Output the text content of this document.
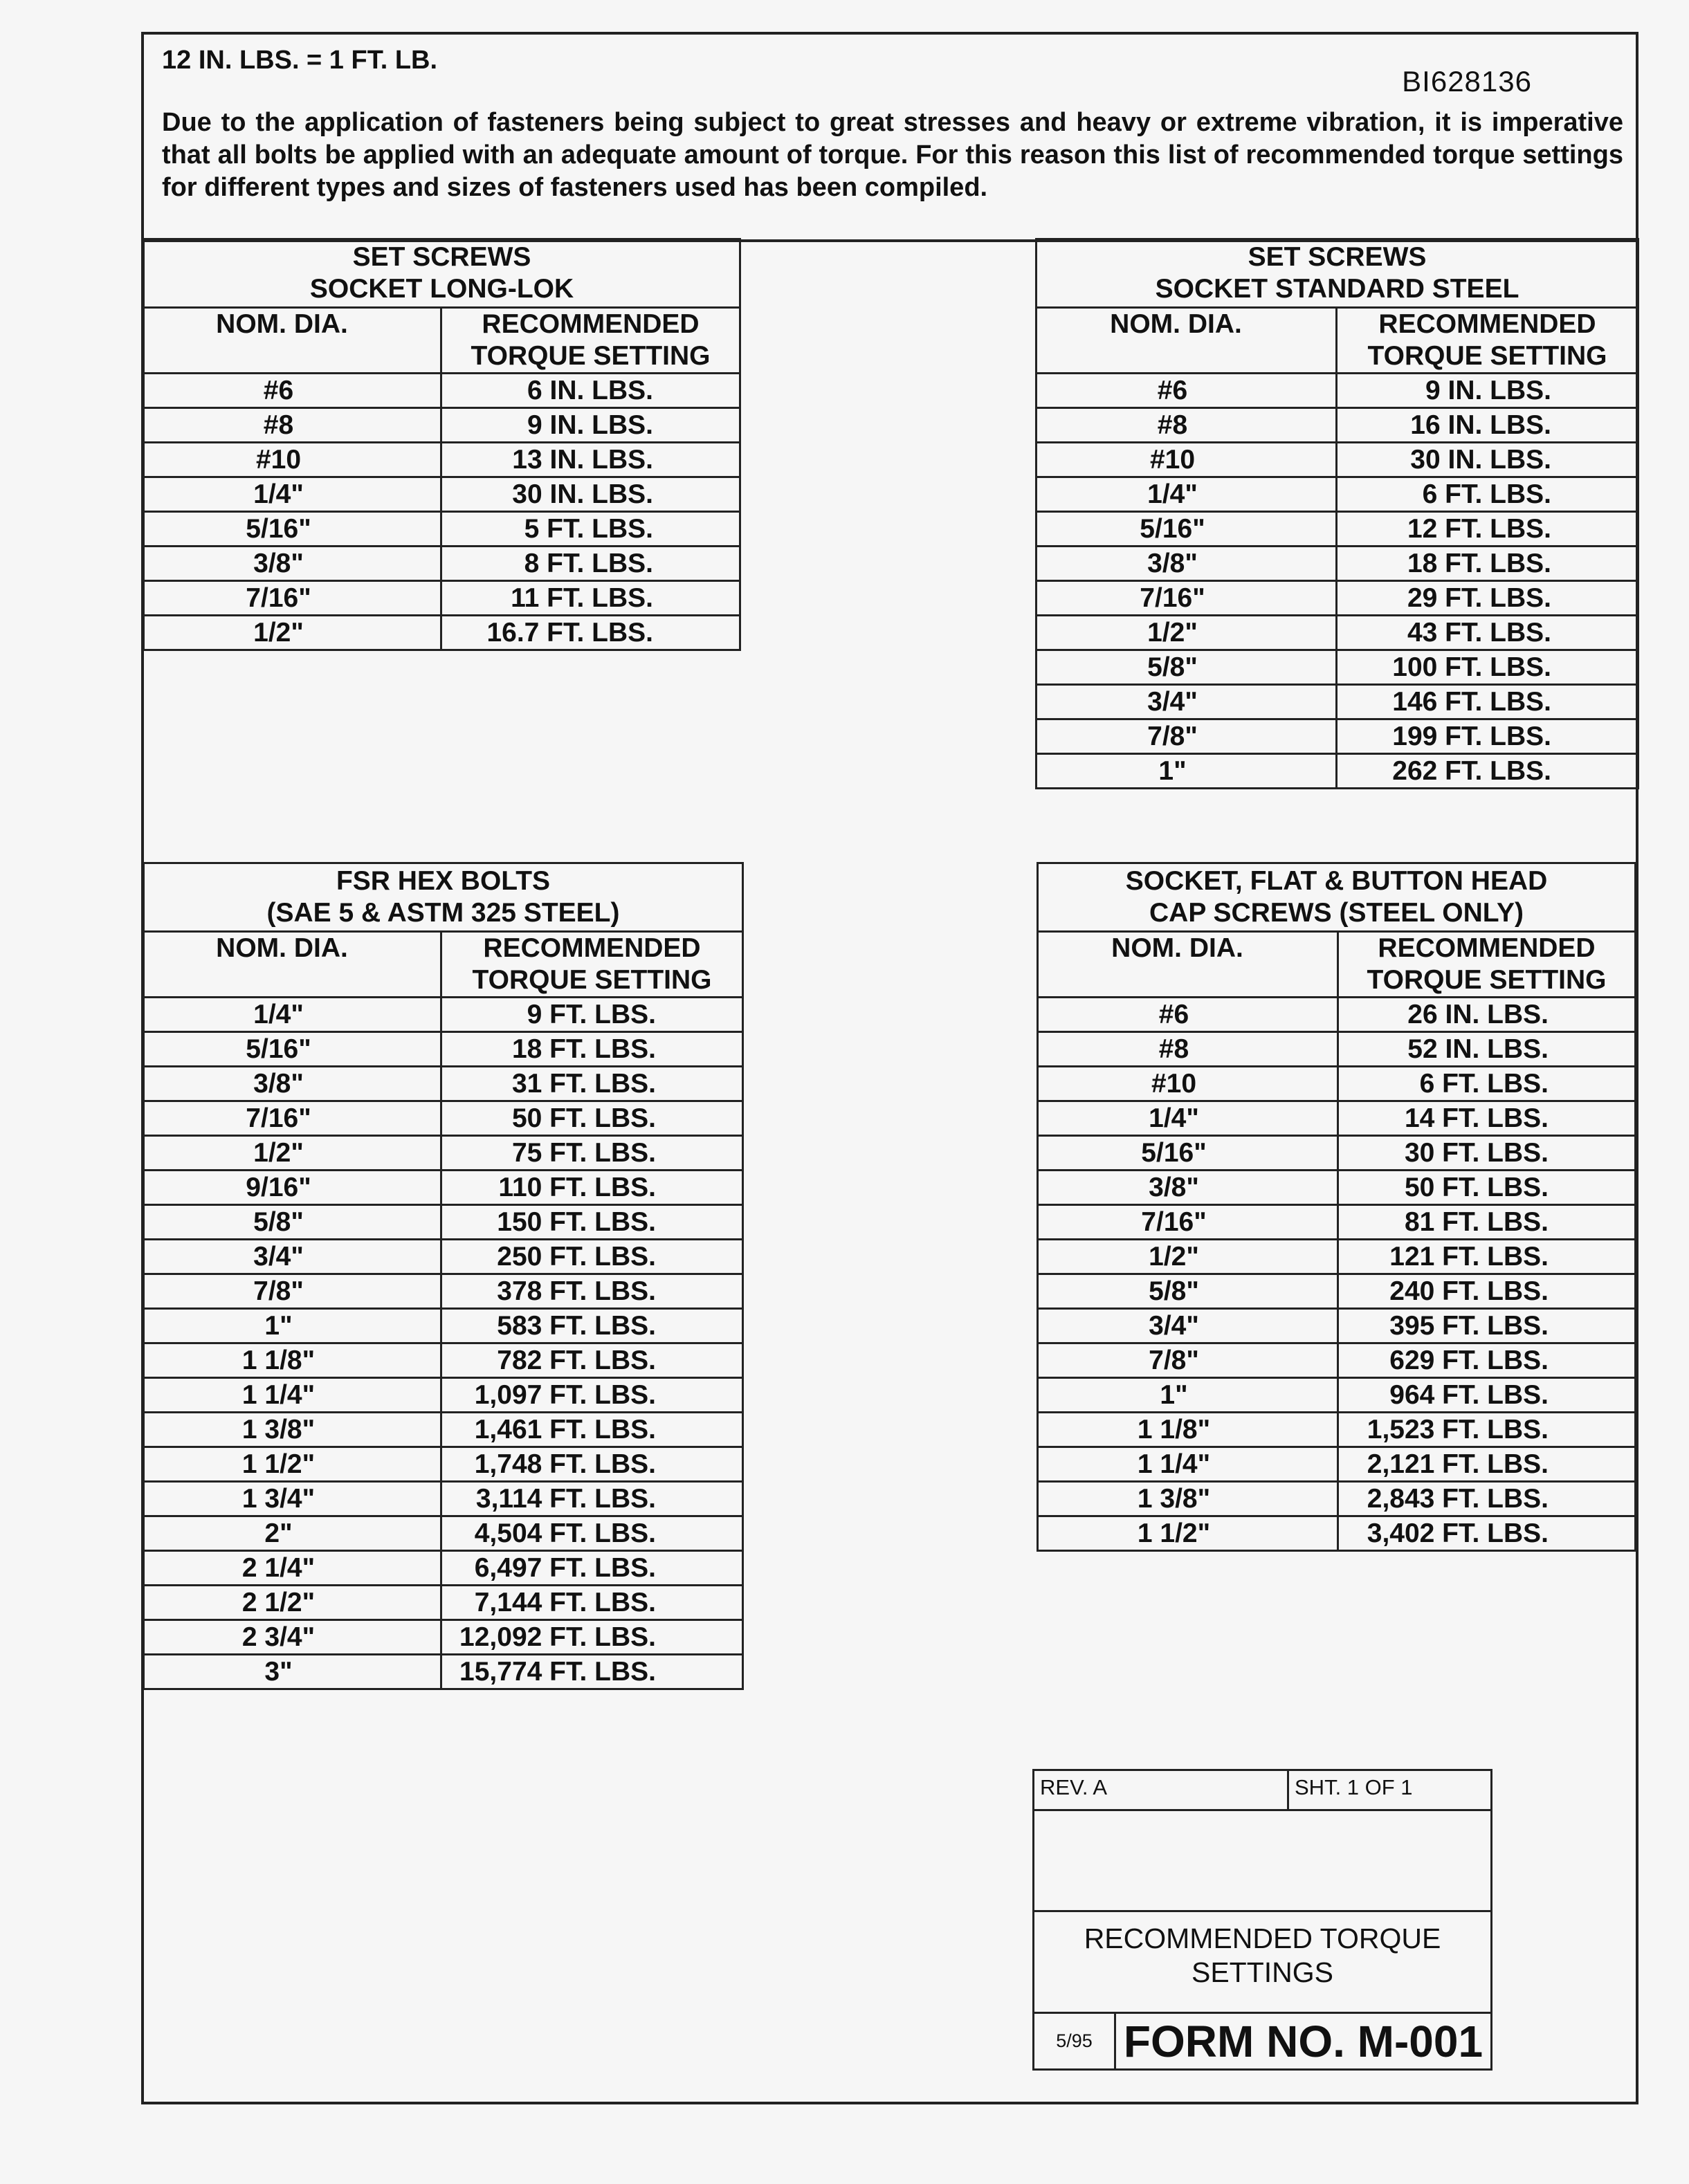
12 IN. LBS. = 1 FT. LB.
BI628136
Due to the application of fasteners being subject to great stresses and heavy or extreme vibration, it is imperative that all bolts be applied with an adequate amount of torque. For this reason this list of recommended torque settings for different types and sizes of fasteners used has been compiled.
SET SCREWS
SOCKET LONG-LOK	

NOM. DIA.	RECOMMENDED
TORQUE SETTING

#6	6 IN. LBS.
#8	9 IN. LBS.
#10	13 IN. LBS.
1/4"	30 IN. LBS.
5/16"	5 FT. LBS.
3/8"	8 FT. LBS.
7/16"	11 FT. LBS.
1/2"	16.7 FT. LBS.
SET SCREWS
SOCKET STANDARD STEEL	

NOM. DIA.	RECOMMENDED
TORQUE SETTING

#6	9 IN. LBS.
#8	16 IN. LBS.
#10	30 IN. LBS.
1/4"	6 FT. LBS.
5/16"	12 FT. LBS.
3/8"	18 FT. LBS.
7/16"	29 FT. LBS.
1/2"	43 FT. LBS.
5/8"	100 FT. LBS.
3/4"	146 FT. LBS.
7/8"	199 FT. LBS.
1"	262 FT. LBS.
FSR HEX BOLTS
(SAE 5 & ASTM 325 STEEL)	

NOM. DIA.	RECOMMENDED
TORQUE SETTING

1/4"	9 FT. LBS.
5/16"	18 FT. LBS.
3/8"	31 FT. LBS.
7/16"	50 FT. LBS.
1/2"	75 FT. LBS.
9/16"	110 FT. LBS.
5/8"	150 FT. LBS.
3/4"	250 FT. LBS.
7/8"	378 FT. LBS.
1"	583 FT. LBS.
1 1/8"	782 FT. LBS.
1 1/4"	1,097 FT. LBS.
1 3/8"	1,461 FT. LBS.
1 1/2"	1,748 FT. LBS.
1 3/4"	3,114 FT. LBS.
2"	4,504 FT. LBS.
2 1/4"	6,497 FT. LBS.
2 1/2"	7,144 FT. LBS.
2 3/4"	12,092 FT. LBS.
3"	15,774 FT. LBS.
SOCKET, FLAT & BUTTON HEAD
CAP SCREWS (STEEL ONLY)	

NOM. DIA.	RECOMMENDED
TORQUE SETTING

#6	26 IN. LBS.
#8	52 IN. LBS.
#10	6 FT. LBS.
1/4"	14 FT. LBS.
5/16"	30 FT. LBS.
3/8"	50 FT. LBS.
7/16"	81 FT. LBS.
1/2"	121 FT. LBS.
5/8"	240 FT. LBS.
3/4"	395 FT. LBS.
7/8"	629 FT. LBS.
1"	964 FT. LBS.
1 1/8"	1,523 FT. LBS.
1 1/4"	2,121 FT. LBS.
1 3/8"	2,843 FT. LBS.
1 1/2"	3,402 FT. LBS.
REV. A		SHT. 1 OF 1

RECOMMENDED TORQUE
SETTINGS		

5/95	FORM NO. M-001	
